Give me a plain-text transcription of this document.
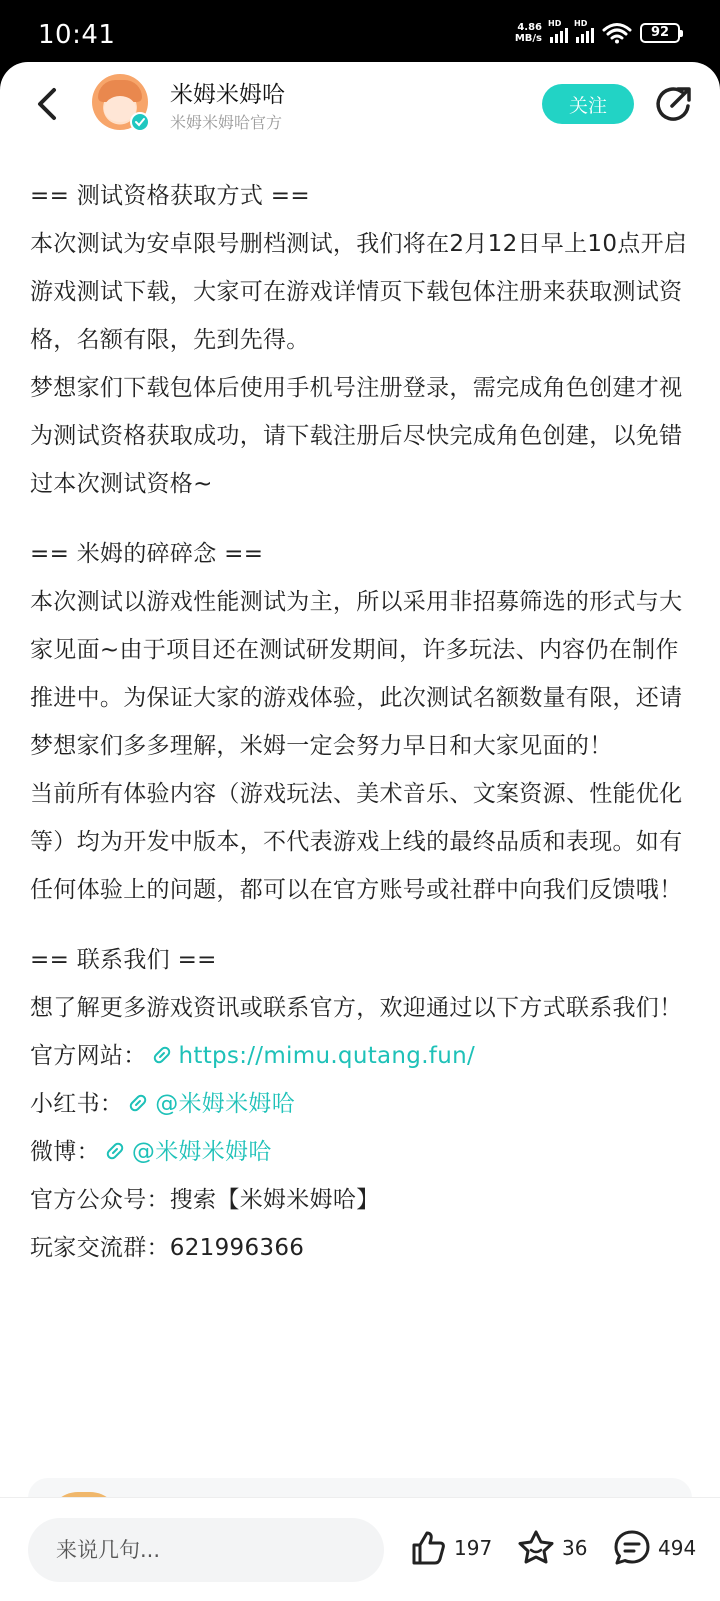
10:41	4.86
MB/s
HD HD
92
米姆米姆哈
米姆米姆哈官方
关注

== 测试资格获取方式 ==

本次测试为安卓限号删档测试，我们将在2月12日早上10点开启游戏测试下载，大家可在游戏详情页下载包体注册来获取测试资格，名额有限，先到先得。

梦想家们下载包体后使用手机号注册登录，需完成角色创建才视为测试资格获取成功，请下载注册后尽快完成角色创建，以免错过本次测试资格~

== 米姆的碎碎念 ==

本次测试以游戏性能测试为主，所以采用非招募筛选的形式与大家见面~由于项目还在测试研发期间，许多玩法、内容仍在制作推进中。为保证大家的游戏体验，此次测试名额数量有限，还请梦想家们多多理解，米姆一定会努力早日和大家见面的！

当前所有体验内容（游戏玩法、美术音乐、文案资源、性能优化等）均为开发中版本，不代表游戏上线的最终品质和表现。如有任何体验上的问题，都可以在官方账号或社群中向我们反馈哦！

== 联系我们 ==

想了解更多游戏资讯或联系官方，欢迎通过以下方式联系我们！

官方网站： https://mimu.qutang.fun/

小红书： @米姆米姆哈

微博： @米姆米姆哈

官方公众号：搜索【米姆米姆哈】

玩家交流群：621996366

来说几句...
197	36	494
